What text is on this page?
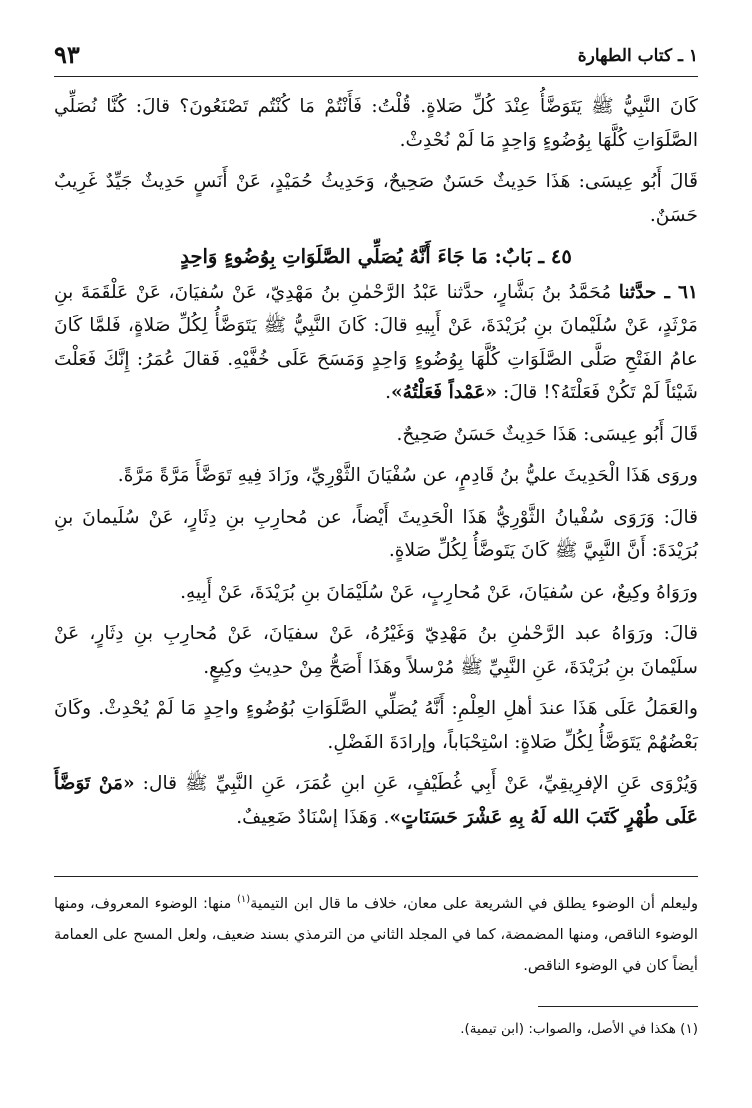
١ ـ كتاب الطهارة
٩٣

كَانَ النَّبِيُّ ﷺ يَتَوَضَّأُ عِنْدَ كُلِّ صَلاةٍ. قُلْتُ: فَأَنْتُمْ مَا كُنْتُم تَصْنَعُونَ؟ قالَ: كُنَّا نُصَلِّي الصَّلَوَاتِ كُلَّهَا بِوُضُوءٍ وَاحِدٍ مَا لَمْ نُحْدِثْ.

قَالَ أَبُو عِيسَى: هَذَا حَدِيثٌ حَسَنٌ صَحِيحٌ، وَحَدِيثُ حُمَيْدٍ، عَنْ أَنَسٍ حَدِيثٌ جَيِّدٌ غَرِيبٌ حَسَنٌ.

٤٥ ـ بَابٌ: مَا جَاءَ أَنَّهُ يُصَلِّي الصَّلَوَاتِ بِوُضُوءٍ وَاحِدٍ

٦١ ـ حدَّثنا مُحَمَّدُ بنُ بَشَّارٍ، حدَّثنا عَبْدُ الرَّحْمٰنِ بنُ مَهْدِيّ، عَنْ سُفيَانَ، عَنْ عَلْقَمَةَ بنِ مَرْثَدٍ، عَنْ سُلَيْمانَ بنِ بُرَيْدَةَ، عَنْ أَبِيهِ قالَ: كَانَ النَّبِيُّ ﷺ يَتَوَضَّأُ لِكُلِّ صَلاةٍ، فَلمَّا كَانَ عامُ الفَتْحِ صَلَّى الصَّلَوَاتِ كُلَّهَا بِوُضُوءٍ وَاحِدٍ وَمَسَحَ عَلَى خُفَّيْهِ. فَقالَ عُمَرُ: إِنَّكَ فَعَلْتَ شَيْئاً لَمْ تَكُنْ فَعَلْتَهُ؟! قالَ: «عَمْداً فَعَلْتُهُ».

قَالَ أَبُو عِيسَى: هَذَا حَدِيثٌ حَسَنٌ صَحِيحٌ.

وروَى هَذَا الْحَدِيثَ عليُّ بنُ قَادِمٍ، عن سُفْيَانَ الثَّوْرِيِّ، وزَادَ فِيهِ تَوَضَّأَ مَرَّةً مَرَّةً.

قالَ: وَرَوَى سُفْيانُ الثَّوْرِيُّ هَذَا الْحَدِيثَ أَيْضاً، عن مُحارِبِ بنِ دِثَارٍ، عَنْ سُلَيمانَ بنِ بُرَيْدَةَ: أَنَّ النَّبِيَّ ﷺ كَانَ يَتَوضَّأُ لِكُلِّ صَلاةٍ.

ورَوَاهُ وكِيعٌ، عن سُفيَانَ، عَنْ مُحارِبٍ، عَنْ سُلَيْمَانَ بنِ بُرَيْدَةَ، عَنْ أَبِيهِ.

قالَ: ورَوَاهُ عبد الرَّحْمٰنِ بنُ مَهْدِيّ وَغَيْرُهُ، عَنْ سفيَانَ، عَنْ مُحارِبِ بنِ دِثَارٍ، عَنْ سلَيْمانَ بنِ بُرَيْدَةَ، عَنِ النَّبِيِّ ﷺ مُرْسلاً وهَذَا أَصَحُّ مِنْ حدِيثِ وكِيعٍ.

والعَمَلُ عَلَى هَذَا عندَ أهلِ العِلْمِ: أَنَّهُ يُصَلِّي الصَّلَوَاتِ بُوُضُوءٍ واحِدٍ مَا لَمْ يُحْدِثْ. وكَانَ بَعْضُهُمْ يَتَوَضَّأُ لِكُلِّ صَلاةٍ: اسْتِحْبَاباً، وإرادَةَ الفَضْلِ.

وَيُرْوَى عَنِ الإفرِيقِيِّ، عَنْ أَبِي غُطَيْفٍ، عَنِ ابنِ عُمَرَ، عَنِ النَّبِيِّ ﷺ قال: «مَنْ تَوَضَّأَ عَلَى طُهْرٍ كَتَبَ الله لَهُ بِهِ عَشْرَ حَسَنَاتٍ». وَهَذَا إسْنَادٌ ضَعِيفٌ.

وليعلم أن الوضوء يطلق في الشريعة على معان، خلاف ما قال ابن التيمية$^{(١)}$ منها: الوضوء المعروف، ومنها الوضوء الناقص، ومنها المضمضة، كما في المجلد الثاني من الترمذي بسند ضعيف، ولعل المسح على العمامة أيضاً كان في الوضوء الناقص.
(١) هكذا في الأصل، والصواب: (ابن تيمية).
